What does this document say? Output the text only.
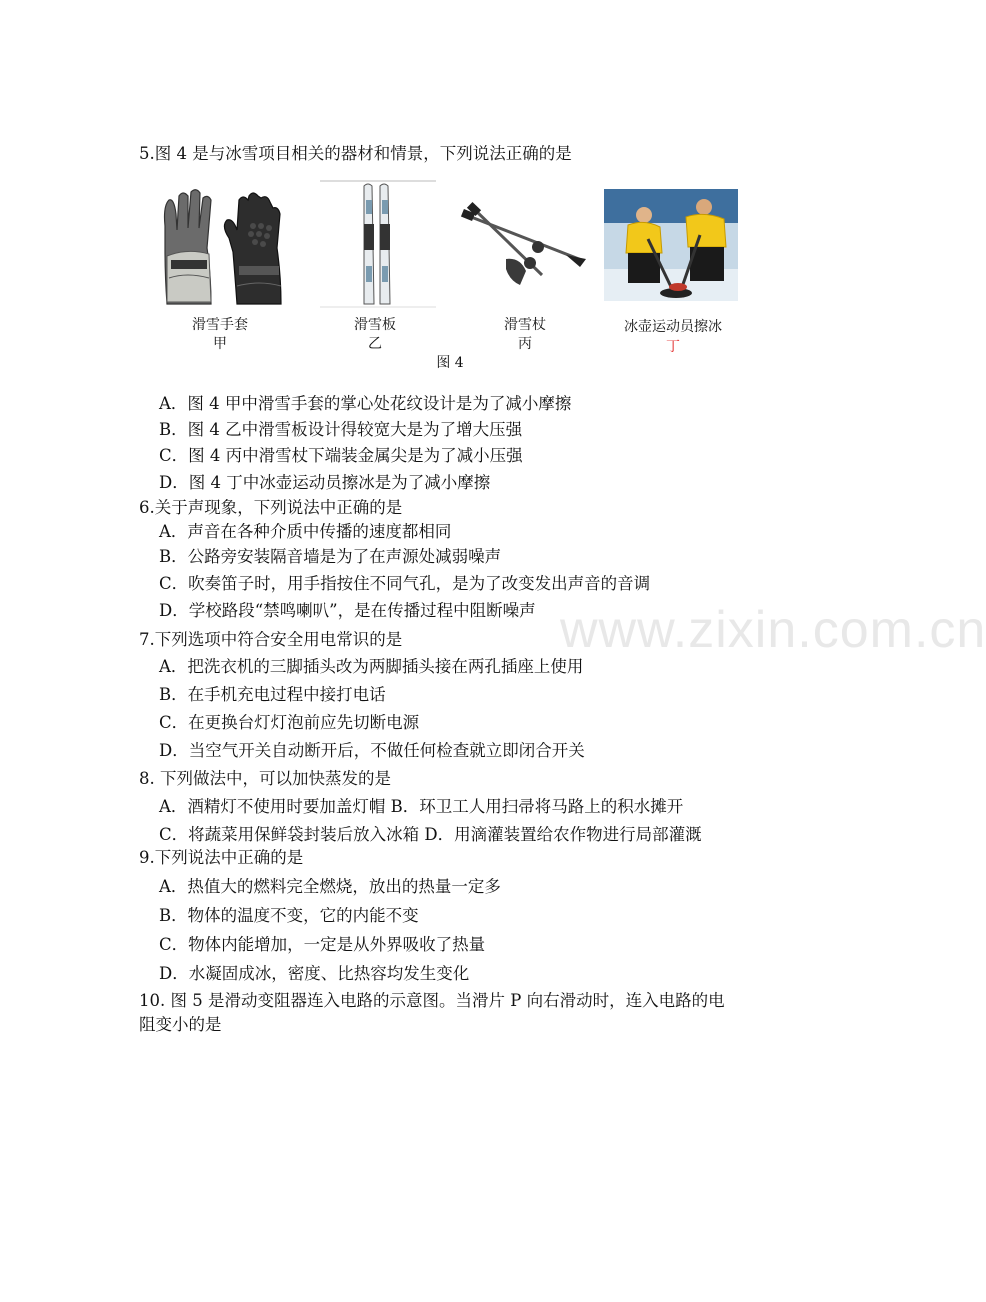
www.zixin.com.cn
5.图 4 是与冰雪项目相关的器材和情景，下列说法正确的是
滑雪手套
甲
滑雪板
乙
滑雪杖
丙
冰壶运动员擦冰
丁
图 4
A．图 4 甲中滑雪手套的掌心处花纹设计是为了减小摩擦
B．图 4 乙中滑雪板设计得较宽大是为了增大压强
C．图 4 丙中滑雪杖下端装金属尖是为了减小压强
D．图 4 丁中冰壶运动员擦冰是为了减小摩擦
6.关于声现象，下列说法中正确的是
A．声音在各种介质中传播的速度都相同
B．公路旁安装隔音墙是为了在声源处减弱噪声
C．吹奏笛子时，用手指按住不同气孔，是为了改变发出声音的音调
D．学校路段“禁鸣喇叭”，是在传播过程中阻断噪声
7.下列选项中符合安全用电常识的是
A．把洗衣机的三脚插头改为两脚插头接在两孔插座上使用
B．在手机充电过程中接打电话
C．在更换台灯灯泡前应先切断电源
D．当空气开关自动断开后，不做任何检查就立即闭合开关
8. 下列做法中，可以加快蒸发的是
A．酒精灯不使用时要加盖灯帽 B．环卫工人用扫帚将马路上的积水摊开
C．将蔬菜用保鲜袋封装后放入冰箱 D．用滴灌装置给农作物进行局部灌溉
9.下列说法中正确的是
A．热值大的燃料完全燃烧，放出的热量一定多
B．物体的温度不变，它的内能不变
C．物体内能增加，一定是从外界吸收了热量
D．水凝固成冰，密度、比热容均发生变化
10. 图 5 是滑动变阻器连入电路的示意图。当滑片 P 向右滑动时，连入电路的电
阻变小的是
